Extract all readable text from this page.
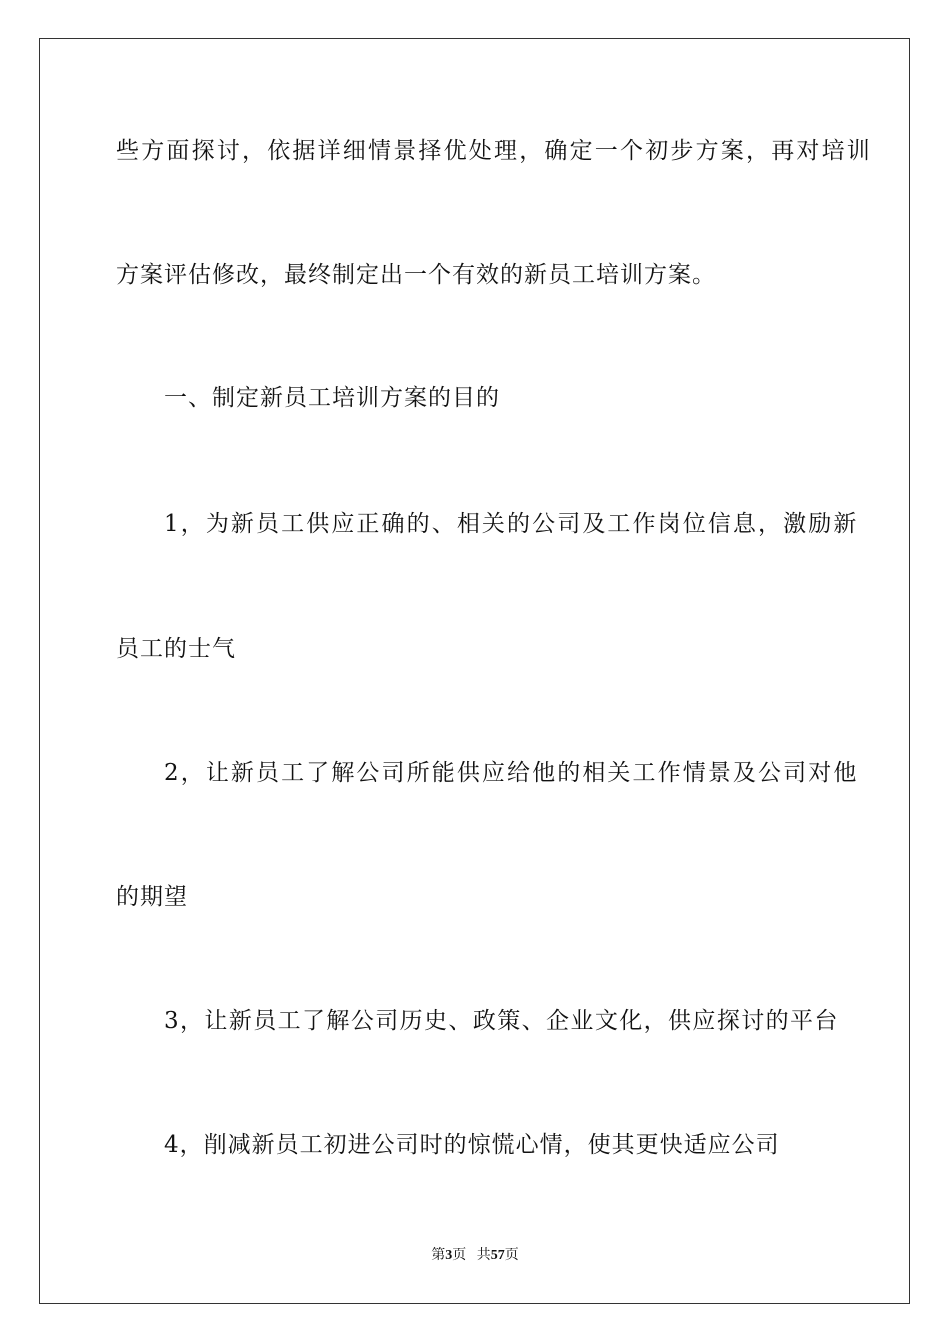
些方面探讨，依据详细情景择优处理，确定一个初步方案，再对培训
方案评估修改，最终制定出一个有效的新员工培训方案。
一、制定新员工培训方案的目的
1，为新员工供应正确的、相关的公司及工作岗位信息，激励新
员工的士气
2，让新员工了解公司所能供应给他的相关工作情景及公司对他
的期望
3，让新员工了解公司历史、政策、企业文化，供应探讨的平台
4，削减新员工初进公司时的惊慌心情，使其更快适应公司
第3页 共57页
